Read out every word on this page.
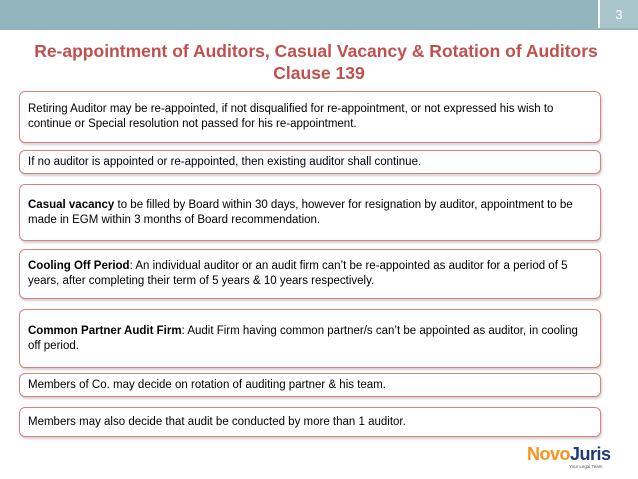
3
Re-appointment of Auditors, Casual Vacancy & Rotation of Auditors
Clause 139
Retiring Auditor may be re-appointed, if not disqualified for re-appointment, or not expressed his wish to continue or Special resolution not passed for his re-appointment.
If no auditor is appointed or re-appointed, then existing auditor shall continue.
Casual vacancy to be filled by Board within 30 days, however for resignation by auditor, appointment to be made in EGM within 3 months of Board recommendation.
Cooling Off Period: An individual auditor or an audit firm can’t be re-appointed as auditor for a period of 5 years, after completing their term of 5 years & 10 years respectively.
Common Partner Audit Firm: Audit Firm having common partner/s can’t be appointed as auditor, in cooling off period.
Members of Co. may decide on rotation of auditing partner & his team.
Members may also decide that audit be conducted by more than 1 auditor.
NovoJuris
Your Legal Team
